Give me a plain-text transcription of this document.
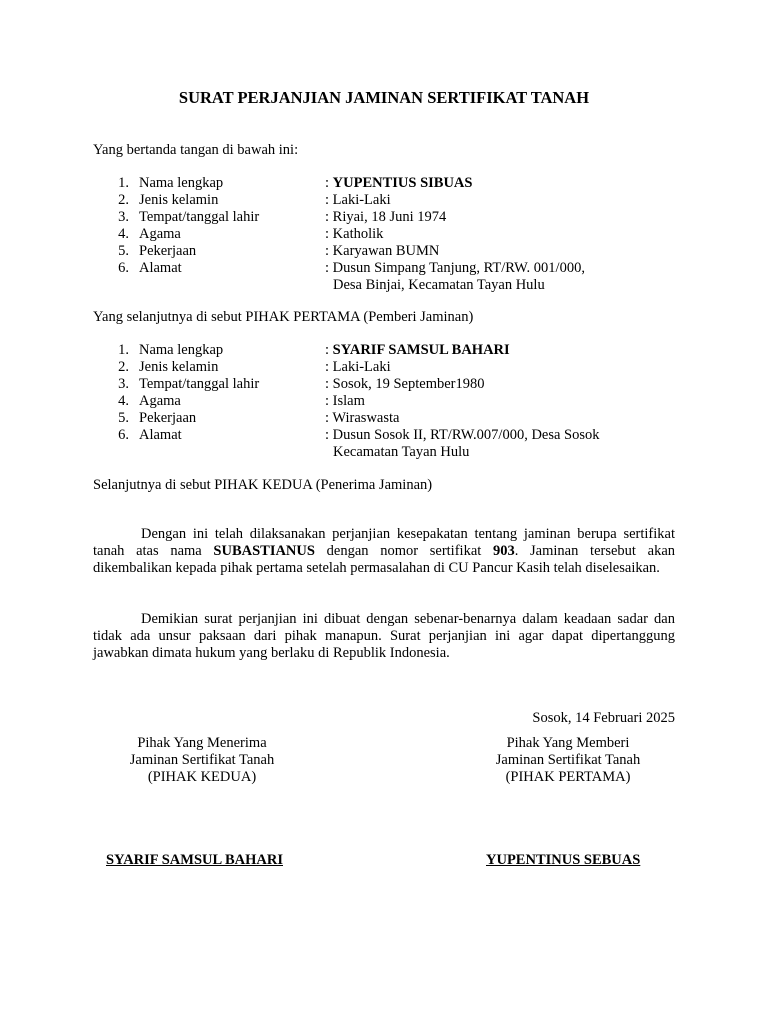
SURAT PERJANJIAN JAMINAN SERTIFIKAT TANAH
Yang bertanda tangan di bawah ini:
1. Nama lengkap	: YUPENTIUS SIBUAS
2. Jenis kelamin	: Laki-Laki
3. Tempat/tanggal lahir	: Riyai, 18 Juni 1974
4. Agama	: Katholik
5. Pekerjaan	: Karyawan BUMN
6. Alamat	: Dusun Simpang Tanjung, RT/RW. 001/000,
Desa Binjai, Kecamatan Tayan Hulu
Yang selanjutnya di sebut PIHAK PERTAMA (Pemberi Jaminan)
1. Nama lengkap	: SYARIF SAMSUL BAHARI
2. Jenis kelamin	: Laki-Laki
3. Tempat/tanggal lahir	: Sosok, 19 September1980
4. Agama	: Islam
5. Pekerjaan	: Wiraswasta
6. Alamat	: Dusun Sosok II, RT/RW.007/000, Desa Sosok
Kecamatan Tayan Hulu
Selanjutnya di sebut PIHAK KEDUA (Penerima Jaminan)
Dengan ini telah dilaksanakan perjanjian kesepakatan tentang jaminan berupa sertifikat tanah atas nama SUBASTIANUS dengan nomor sertifikat 903. Jaminan tersebut akan dikembalikan kepada pihak pertama setelah permasalahan di CU Pancur Kasih telah diselesaikan.
Demikian surat perjanjian ini dibuat dengan sebenar-benarnya dalam keadaan sadar dan tidak ada unsur paksaan dari pihak manapun. Surat perjanjian ini agar dapat dipertanggung jawabkan dimata hukum yang berlaku di Republik Indonesia.
Sosok, 14 Februari 2025
Pihak Yang Menerima
Jaminan Sertifikat Tanah
(PIHAK KEDUA)
Pihak Yang Memberi
Jaminan Sertifikat Tanah
(PIHAK PERTAMA)
SYARIF SAMSUL BAHARI	YUPENTINUS SEBUAS
